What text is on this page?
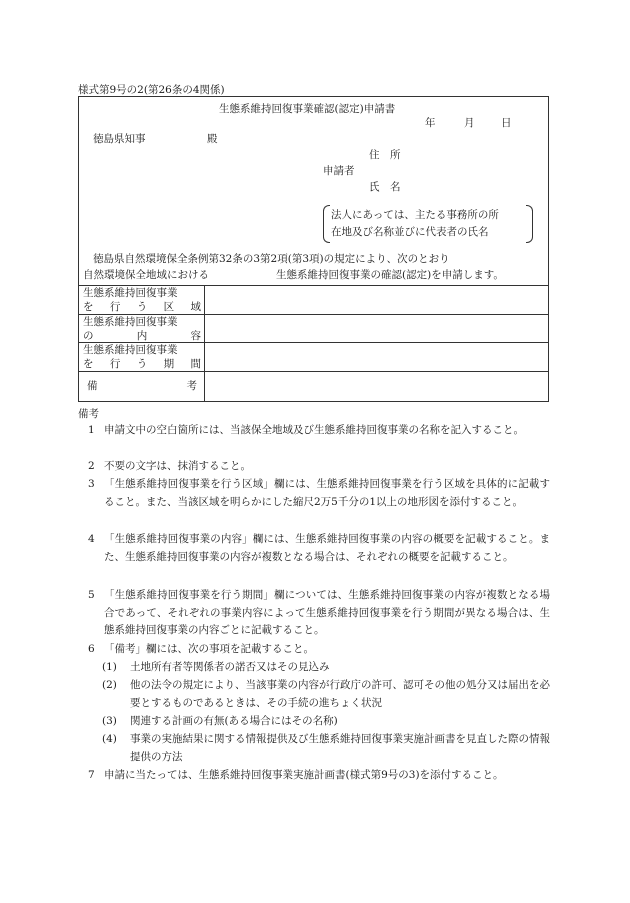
様式第9号の2(第26条の4関係)
生態系維持回復事業確認(認定)申請書
年	月	日
徳島県知事	殿
住　所
申請者
氏　名
法人にあっては、主たる事務所の所
在地及び名称並びに代表者の氏名
徳島県自然環境保全条例第32条の3第2項(第3項)の規定により、次のとおり
自然環境保全地域における	生態系維持回復事業の確認(認定)を申請します。
生態系維持回復事業
を 行 う 区 域
生態系維持回復事業
の	内	容
生態系維持回復事業
を 行 う 期 間
備	考
備考
1 申請文中の空白箇所には、当該保全地域及び生態系維持回復事業の名称を記入すること。
2 不要の文字は、抹消すること。
3 「生態系維持回復事業を行う区域」欄には、生態系維持回復事業を行う区域を具体的に記載すること。また、当該区域を明らかにした縮尺2万5千分の1以上の地形図を添付すること。
4 「生態系維持回復事業の内容」欄には、生態系維持回復事業の内容の概要を記載すること。また、生態系維持回復事業の内容が複数となる場合は、それぞれの概要を記載すること。
5 「生態系維持回復事業を行う期間」欄については、生態系維持回復事業の内容が複数となる場合であって、それぞれの事業内容によって生態系維持回復事業を行う期間が異なる場合は、生態系維持回復事業の内容ごとに記載すること。
6 「備考」欄には、次の事項を記載すること。
(1)	土地所有者等関係者の諾否又はその見込み
(2)	他の法令の規定により、当該事業の内容が行政庁の許可、認可その他の処分又は届出を必要とするものであるときは、その手続の進ちょく状況
(3)	関連する計画の有無(ある場合にはその名称)
(4)	事業の実施結果に関する情報提供及び生態系維持回復事業実施計画書を見直した際の情報提供の方法
7 申請に当たっては、生態系維持回復事業実施計画書(様式第9号の3)を添付すること。
